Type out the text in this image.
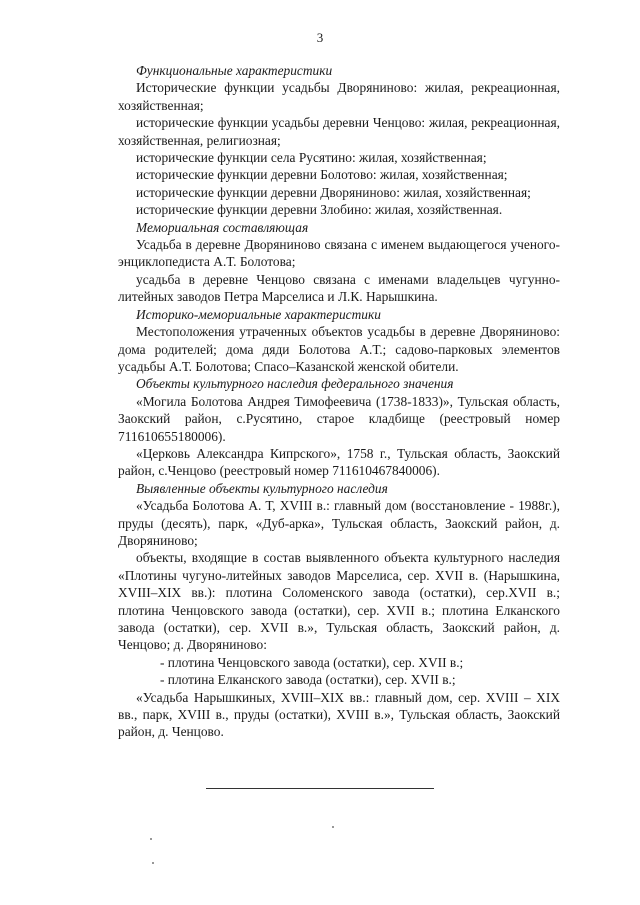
3

Функциональные характеристики

Исторические функции усадьбы Дворяниново: жилая, рекреационная, хозяйственная;

исторические функции усадьбы деревни Ченцово: жилая, рекреационная, хозяйственная, религиозная;

исторические функции села Русятино: жилая, хозяйственная;

исторические функции деревни Болотово: жилая, хозяйственная;

исторические функции деревни Дворяниново: жилая, хозяйственная;

исторические функции деревни Злобино: жилая, хозяйственная.

Мемориальная составляющая

Усадьба в деревне Дворяниново связана с именем выдающегося ученого-энциклопедиста А.Т. Болотова;

усадьба в деревне Ченцово связана с именами владельцев чугунно-литейных заводов Петра Марселиса и Л.К. Нарышкина.

Историко-мемориальные характеристики

Местоположения утраченных объектов усадьбы в деревне Дворяниново: дома родителей; дома дяди Болотова А.Т.; садово-парковых элементов усадьбы А.Т. Болотова; Спасо–Казанской женской обители.

Объекты культурного наследия федерального значения

«Могила Болотова Андрея Тимофеевича (1738-1833)», Тульская область, Заокский район, с.Русятино, старое кладбище (реестровый номер 711610655180006).

«Церковь Александра Кипрского», 1758 г., Тульская область, Заокский район, с.Ченцово (реестровый номер 711610467840006).

Выявленные объекты культурного наследия

«Усадьба Болотова А. Т, XVIII в.: главный дом (восстановление - 1988г.), пруды (десять), парк, «Дуб-арка», Тульская область, Заокский район, д. Дворяниново;

объекты, входящие в состав выявленного объекта культурного наследия «Плотины чугуно-литейных заводов Марселиса, сер. XVII в. (Нарышкина, XVIII–XIX вв.): плотина Соломенского завода (остатки), сер.XVII в.; плотина Ченцовского завода (остатки), сер. XVII в.; плотина Елканского завода (остатки), сер. XVII в.», Тульская область, Заокский район, д. Ченцово; д. Дворяниново:

- плотина Ченцовского завода (остатки), сер. XVII в.;

- плотина Елканского завода (остатки), сер. XVII в.;

«Усадьба Нарышкиных, XVIII–XIX вв.: главный дом, сер. XVIII – XIX вв., парк, XVIII в., пруды (остатки), XVIII в.», Тульская область, Заокский район, д. Ченцово.
